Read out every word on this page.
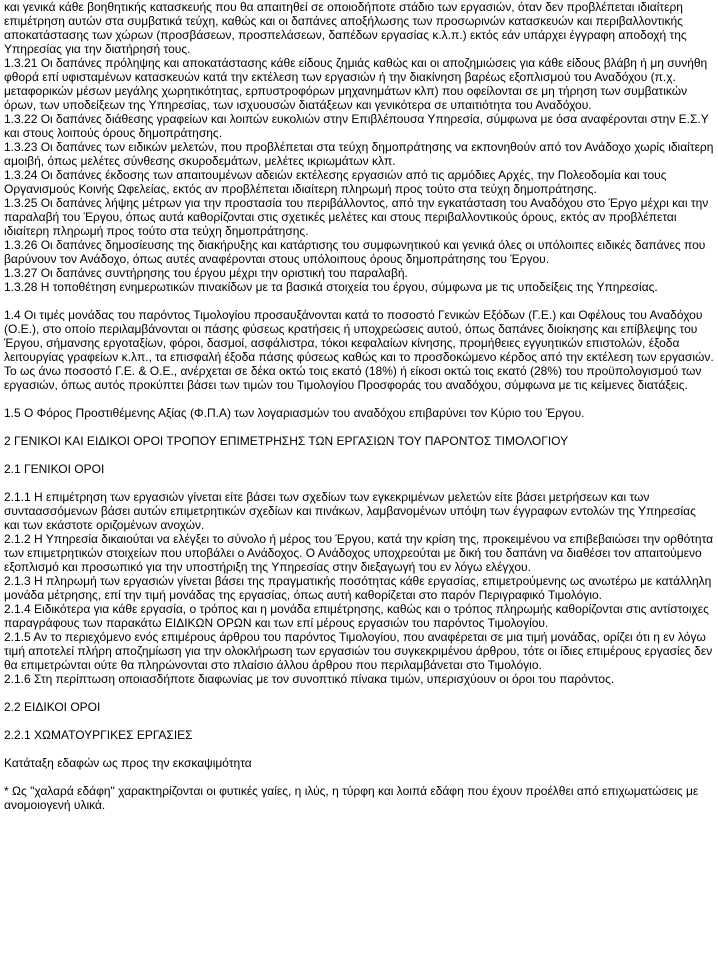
και γενικά κάθε βοηθητικής κατασκευής που θα απαιτηθεί σε οποιοδήποτε στάδιο των εργασιών, όταν δεν προβλέπεται ιδιαίτερη επιμέτρηση αυτών στα συμβατικά τεύχη, καθώς και οι δαπάνες αποξήλωσης των προσωρινών κατασκευών και περιβαλλοντικής αποκατάστασης των χώρων (προσβάσεων, προσπελάσεων, δαπέδων εργασίας κ.λ.π.) εκτός εάν υπάρχει έγγραφη αποδοχή της Υπηρεσίας για την διατήρησή τους.
1.3.21 Οι δαπάνες πρόληψης και αποκατάστασης κάθε είδους ζημιάς καθώς και οι αποζημιώσεις για κάθε είδους βλάβη ή μη συνήθη φθορά επί υφισταμένων κατασκευών κατά την εκτέλεση των εργασιών ή την διακίνηση βαρέως εξοπλισμού του Αναδόχου (π.χ. μεταφορικών μέσων μεγάλης χωρητικότητας, ερπυστροφόρων μηχανημάτων κλπ) που οφείλονται σε μη τήρηση των συμβατικών όρων, των υποδείξεων της Υπηρεσίας, των ισχυουσών διατάξεων και γενικότερα σε υπαιτιότητα του Αναδόχου.
1.3.22 Οι δαπάνες διάθεσης γραφείων και λοιπών ευκολιών στην Επιβλέπουσα Υπηρεσία, σύμφωνα με όσα αναφέρονται στην Ε.Σ.Υ και στους λοιπούς όρους δημοπράτησης.
1.3.23 Οι δαπάνες των ειδικών μελετών, που προβλέπεται στα τεύχη δημοπράτησης να εκπονηθούν από τον Ανάδοχο χωρίς ιδιαίτερη αμοιβή, όπως μελέτες σύνθεσης σκυροδεμάτων, μελέτες ικριωμάτων κλπ.
1.3.24 Οι δαπάνες έκδοσης των απαιτουμένων αδειών εκτέλεσης εργασιών από τις αρμόδιες Αρχές, την Πολεοδομία και τους Οργανισμούς Κοινής Ωφελείας, εκτός αν προβλέπεται ιδιαίτερη πληρωμή προς τούτο στα τεύχη δημοπράτησης.
1.3.25 Οι δαπάνες λήψης μέτρων για την προστασία του περιβάλλοντος, από την εγκατάσταση του Αναδόχου στο Έργο μέχρι και την παραλαβή του Έργου, όπως αυτά καθορίζονται στις σχετικές μελέτες και στους περιβαλλοντικούς όρους, εκτός αν προβλέπεται ιδιαίτερη πληρωμή προς τούτο στα τεύχη δημοπράτησης.
1.3.26 Οι δαπάνες δημοσίευσης της διακήρυξης και κατάρτισης του συμφωνητικού και γενικά όλες οι υπόλοιπες ειδικές δαπάνες που βαρύνουν τον Ανάδοχο, όπως αυτές αναφέρονται στους υπόλοιπους όρους δημοπράτησης του Έργου.
1.3.27 Οι δαπάνες συντήρησης του έργου μέχρι την οριστική του παραλαβή.
1.3.28 Η τοποθέτηση ενημερωτικών πινακίδων με τα βασικά στοιχεία του έργου, σύμφωνα με τις υποδείξεις της Υπηρεσίας.
1.4 Οι τιμές μονάδας του παρόντος Τιμολογίου προσαυξάνονται κατά το ποσοστό Γενικών Εξόδων (Γ.Ε.) και Οφέλους του Αναδόχου (Ο.Ε.), στο οποίο περιλαμβάνονται οι πάσης φύσεως κρατήσεις ή υποχρεώσεις αυτού, όπως δαπάνες διοίκησης και επίβλεψης του Έργου, σήμανσης εργοταξίων, φόροι, δασμοί, ασφάλιστρα, τόκοι κεφαλαίων κίνησης, προμήθειες εγγυητικών επιστολών, έξοδα λειτουργίας γραφείων κ.λπ., τα επισφαλή έξοδα πάσης φύσεως καθώς και το προσδοκώμενο κέρδος από την εκτέλεση των εργασιών.
Το ως άνω ποσοστό Γ.Ε. & Ο.Ε., ανέρχεται σε δέκα οκτώ τοις εκατό (18%) ή είκοσι οκτώ τοις εκατό (28%) του προϋπολογισμού των εργασιών, όπως αυτός προκύπτει βάσει των τιμών του Τιμολογίου Προσφοράς του αναδόχου, σύμφωνα με τις κείμενες διατάξεις.
1.5 Ο Φόρος Προστιθέμενης Αξίας (Φ.Π.Α) των λογαριασμών του αναδόχου επιβαρύνει τον Κύριο του Έργου.
2 ΓΕΝΙΚΟΙ ΚΑΙ ΕΙΔΙΚΟΙ ΟΡΟΙ ΤΡΟΠΟΥ ΕΠΙΜΕΤΡΗΣΗΣ ΤΩΝ ΕΡΓΑΣΙΩΝ ΤΟΥ ΠΑΡΟΝΤΟΣ ΤΙΜΟΛΟΓΙΟΥ
2.1 ΓΕΝΙΚΟΙ ΟΡΟΙ
2.1.1 Η επιμέτρηση των εργασιών γίνεται είτε βάσει των σχεδίων των εγκεκριμένων μελετών είτε βάσει μετρήσεων και των συνταασσόμενων βάσει αυτών επιμετρητικών σχεδίων και πινάκων, λαμβανομένων υπόψη των έγγραφων εντολών της Υπηρεσίας και των εκάστοτε οριζομένων ανοχών.
2.1.2 Η Υπηρεσία δικαιούται να ελέγξει το σύνολο ή μέρος του Έργου, κατά την κρίση της, προκειμένου να επιβεβαιώσει την ορθότητα των επιμετρητικών στοιχείων που υποβάλει ο Ανάδοχος. Ο Ανάδοχος υποχρεούται με δική του δαπάνη να διαθέσει τον απαιτούμενο εξοπλισμό και προσωπικό για την υποστήριξη της Υπηρεσίας στην διεξαγωγή του εν λόγω ελέγχου.
2.1.3 Η πληρωμή των εργασιών γίνεται βάσει της πραγματικής ποσότητας κάθε εργασίας, επιμετρούμενης ως ανωτέρω με κατάλληλη μονάδα μέτρησης, επί την τιμή μονάδας της εργασίας, όπως αυτή καθορίζεται στο παρόν Περιγραφικό Τιμολόγιο.
2.1.4 Ειδικότερα για κάθε εργασία, ο τρόπος και η μονάδα επιμέτρησης, καθώς και ο τρόπος πληρωμής καθορίζονται στις αντίστοιχες παραγράφους των παρακάτω ΕΙΔΙΚΩΝ ΟΡΩΝ και των επί μέρους εργασιών του παρόντος Τιμολογίου.
2.1.5 Αν το περιεχόμενο ενός επιμέρους άρθρου του παρόντος Τιμολογίου, που αναφέρεται σε μια τιμή μονάδας, ορίζει ότι η εν λόγω τιμή αποτελεί πλήρη αποζημίωση για την ολοκλήρωση των εργασιών του συγκεκριμένου άρθρου, τότε οι ίδιες επιμέρους εργασίες δεν θα επιμετρώνται ούτε θα πληρώνονται στο πλαίσιο άλλου άρθρου που περιλαμβάνεται στο Τιμολόγιο.
2.1.6 Στη περίπτωση οποιασδήποτε διαφωνίας με τον συνοπτικό πίνακα τιμών, υπερισχύουν οι όροι του παρόντος.
2.2 ΕΙΔΙΚΟΙ ΟΡΟΙ
2.2.1 ΧΩΜΑΤΟΥΡΓΙΚΕΣ ΕΡΓΑΣΙΕΣ
Κατάταξη εδαφών ως προς την εκσκαψιμότητα
* Ως "χαλαρά εδάφη" χαρακτηρίζονται οι φυτικές γαίες, η ιλύς, η τύρφη και λοιπά εδάφη που έχουν προέλθει από επιχωματώσεις με ανομοιογενή υλικά.
